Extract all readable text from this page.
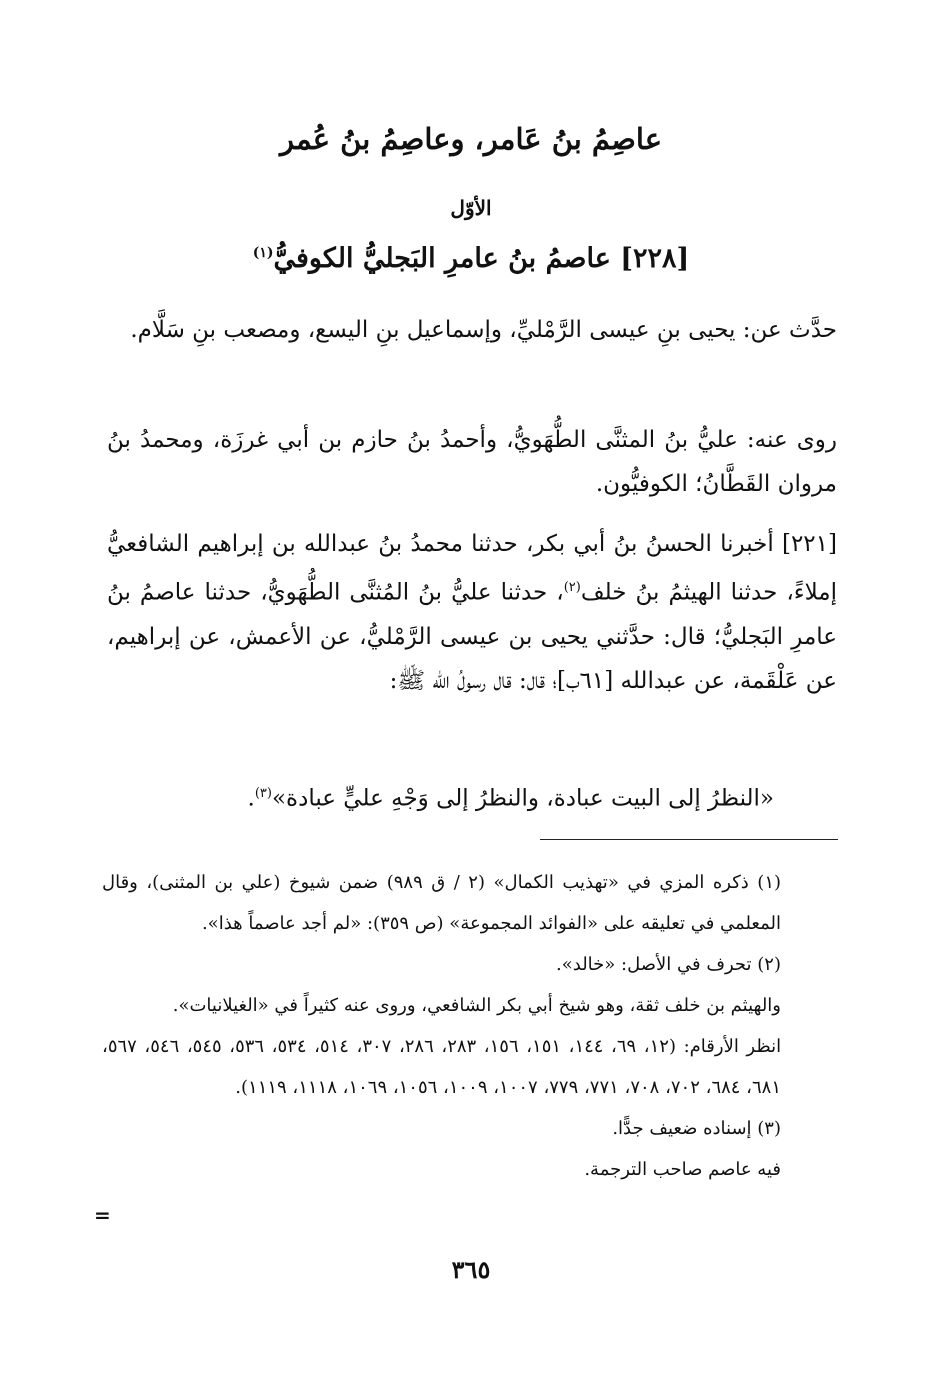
عاصِمُ بنُ عَامر، وعاصِمُ بنُ عُمر
الأوّل
[٢٢٨] عاصمُ بنُ عامرِ البَجليُّ الكوفيُّ$^{(١)}$
حدَّث عن: يحيى بنِ عيسى الرَّمْليِّ، وإسماعيل بنِ اليسع، ومصعب بنِ سَلَّام.
روى عنه: عليُّ بنُ المثنَّى الطُّهَويُّ، وأحمدُ بنُ حازم بن أبي غرزَة، ومحمدُ بنُ مروان القَطَّانُ؛ الكوفيُّون.
[٢٢١] أخبرنا الحسنُ بنُ أبي بكر، حدثنا محمدُ بنُ عبدالله بن إبراهيم الشافعيُّ إملاءً، حدثنا الهيثمُ بنُ خلف$^{(٢)}$، حدثنا عليُّ بنُ المُثنَّى الطُّهَويُّ، حدثنا عاصمُ بنُ عامرِ البَجليُّ؛ قال: حدَّثني يحيى بن عيسى الرَّمْليُّ، عن الأعمش، عن إبراهيم، عن عَلْقَمة، عن عبدالله [٦١ب]؛ قال: قال رسولُ الله ﷺ:
«النظرُ إلى البيت عبادة، والنظرُ إلى وَجْهِ عليٍّ عبادة»$^{(٣)}$.

(١) ذكره المزي في «تهذيب الكمال» (٢ / ق ٩٨٩) ضمن شيوخ (علي بن المثنى)، وقال المعلمي في تعليقه على «الفوائد المجموعة» (ص ٣٥٩): «لم أجد عاصماً هذا».

(٢) تحرف في الأصل: «خالد».

والهيثم بن خلف ثقة، وهو شيخ أبي بكر الشافعي، وروى عنه كثيراً في «الغيلانيات».

انظر الأرقام: (١٢، ٦٩، ١٤٤، ١٥١، ١٥٦، ٢٨٣، ٢٨٦، ٣٠٧، ٥١٤، ٥٣٤، ٥٣٦، ٥٤٥، ٥٤٦، ٥٦٧، ٦٨١، ٦٨٤، ٧٠٢، ٧٠٨، ٧٧١، ٧٧٩، ١٠٠٧، ١٠٠٩، ١٠٥٦، ١٠٦٩، ١١١٨، ١١١٩).

(٣) إسناده ضعيف جدًّا.

فيه عاصم صاحب الترجمة.

=
٣٦٥
